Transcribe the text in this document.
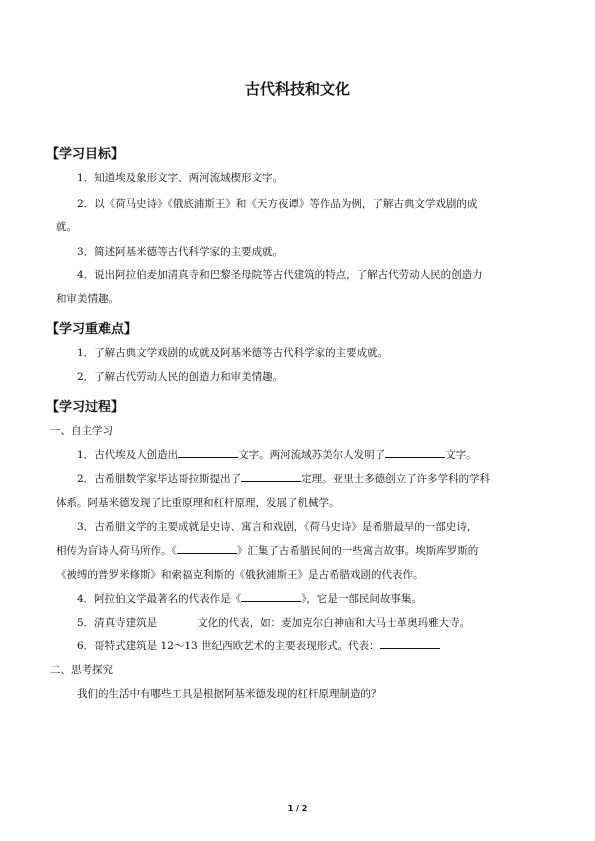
古代科技和文化
【学习目标】
1．知道埃及象形文字、两河流域楔形文字。
2．以《荷马史诗》《俄底浦斯王》和《天方夜谭》等作品为例，了解古典文学戏剧的成
就。
3．简述阿基米德等古代科学家的主要成就。
4．说出阿拉伯麦加清真寺和巴黎圣母院等古代建筑的特点，了解古代劳动人民的创造力
和审美情趣。
【学习重难点】
1．了解古典文学戏剧的成就及阿基米德等古代科学家的主要成就。
2．了解古代劳动人民的创造力和审美情趣。
【学习过程】
一、自主学习
1．古代埃及人创造出	文字。两河流域苏美尔人发明了	文字。
2．古希腊数学家毕达哥拉斯提出了	定理。亚里士多德创立了许多学科的学科
体系。阿基米德发现了比重原理和杠杆原理，发展了机械学。
3．古希腊文学的主要成就是史诗、寓言和戏剧，《荷马史诗》是希腊最早的一部史诗，
相传为盲诗人荷马所作。《	》汇集了古希腊民间的一些寓言故事。埃斯库罗斯的
《被缚的普罗米修斯》和索福克利斯的《俄狄浦斯王》是古希腊戏剧的代表作。
4．阿拉伯文学最著名的代表作是《	》，它是一部民间故事集。
5．清真寺建筑是	文化的代表，如：麦加克尔白神庙和大马士革奥玛雅大寺。
6．哥特式建筑是 12～13 世纪西欧艺术的主要表现形式。代表：
二、思考探究
我们的生活中有哪些工具是根据阿基米德发现的杠杆原理制造的？
1 / 2
